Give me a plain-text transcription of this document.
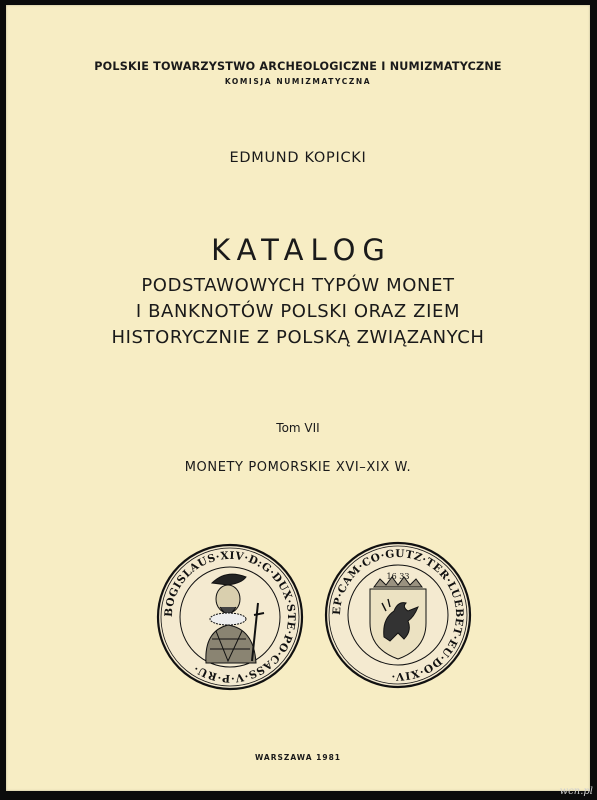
POLSKIE TOWARZYSTWO ARCHEOLOGICZNE I NUMIZMATYCZNE
KOMISJA NUMIZMATYCZNA
EDMUND KOPICKI
KATALOG
PODSTAWOWYCH TYPÓW MONET
I BANKNOTÓW POLSKI ORAZ ZIEM
HISTORYCZNIE Z POLSKĄ ZWIĄZANYCH
Tom VII
MONETY POMORSKIE XVI–XIX W.
BOGISLAUS·XIV·D:G·DUX·STE·PO·CASS·V·P·RU·
EP·CAM·CO·GUTZ·TER·LUEBET·EU·DO·XIV·
16 33
WARSZAWA 1981
wcn.pl
